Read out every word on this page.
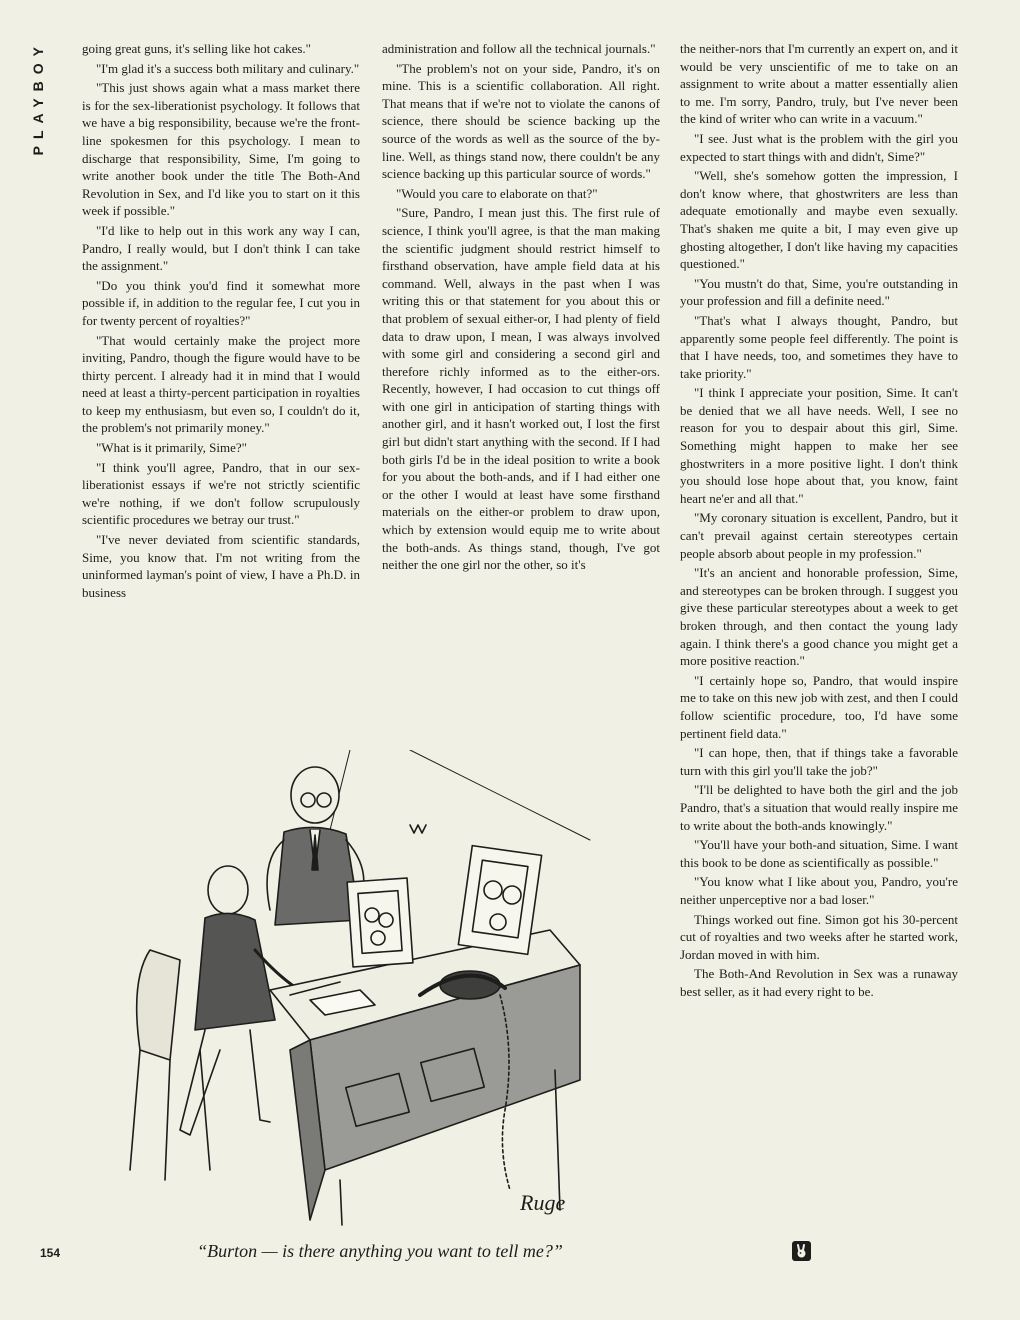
PLAYBOY	going great guns, it's selling like hot cakes."

"I'm glad it's a success both military and culinary."

"This just shows again what a mass market there is for the sex-liberationist psychology. It follows that we have a big responsibility, because we're the front-line spokesmen for this psychology. I mean to discharge that responsibility, Sime, I'm going to write another book under the title The Both-And Revolution in Sex, and I'd like you to start on it this week if possible."

"I'd like to help out in this work any way I can, Pandro, I really would, but I don't think I can take the assignment."

"Do you think you'd find it somewhat more possible if, in addition to the regular fee, I cut you in for twenty percent of royalties?"

"That would certainly make the project more inviting, Pandro, though the figure would have to be thirty percent. I already had it in mind that I would need at least a thirty-percent participation in royalties to keep my enthusiasm, but even so, I couldn't do it, the problem's not primarily money."

"What is it primarily, Sime?"

"I think you'll agree, Pandro, that in our sex-liberationist essays if we're not strictly scientific we're nothing, if we don't follow scrupulously scientific procedures we betray our trust."

"I've never deviated from scientific standards, Sime, you know that. I'm not writing from the uninformed layman's point of view, I have a Ph.D. in business

administration and follow all the technical journals."

"The problem's not on your side, Pandro, it's on mine. This is a scientific collaboration. All right. That means that if we're not to violate the canons of science, there should be science backing up the source of the words as well as the source of the by-line. Well, as things stand now, there couldn't be any science backing up this particular source of words."

"Would you care to elaborate on that?"

"Sure, Pandro, I mean just this. The first rule of science, I think you'll agree, is that the man making the scientific judgment should restrict himself to firsthand observation, have ample field data at his command. Well, always in the past when I was writing this or that statement for you about this or that problem of sexual either-or, I had plenty of field data to draw upon, I mean, I was always involved with some girl and considering a second girl and therefore richly informed as to the either-ors. Recently, however, I had occasion to cut things off with one girl in anticipation of starting things with another girl, and it hasn't worked out, I lost the first girl but didn't start anything with the second. If I had both girls I'd be in the ideal position to write a book for you about the both-ands, and if I had either one or the other I would at least have some firsthand materials on the either-or problem to draw upon, which by extension would equip me to write about the both-ands. As things stand, though, I've got neither the one girl nor the other, so it's

the neither-nors that I'm currently an expert on, and it would be very unscientific of me to take on an assignment to write about a matter essentially alien to me. I'm sorry, Pandro, truly, but I've never been the kind of writer who can write in a vacuum."

"I see. Just what is the problem with the girl you expected to start things with and didn't, Sime?"

"Well, she's somehow gotten the impression, I don't know where, that ghostwriters are less than adequate emotionally and maybe even sexually. That's shaken me quite a bit, I may even give up ghosting altogether, I don't like having my capacities questioned."

"You mustn't do that, Sime, you're outstanding in your profession and fill a definite need."

"That's what I always thought, Pandro, but apparently some people feel differently. The point is that I have needs, too, and sometimes they have to take priority."

"I think I appreciate your position, Sime. It can't be denied that we all have needs. Well, I see no reason for you to despair about this girl, Sime. Something might happen to make her see ghostwriters in a more positive light. I don't think you should lose hope about that, you know, faint heart ne'er and all that."

"My coronary situation is excellent, Pandro, but it can't prevail against certain stereotypes certain people absorb about people in my profession."

"It's an ancient and honorable profession, Sime, and stereotypes can be broken through. I suggest you give these particular stereotypes about a week to get broken through, and then contact the young lady again. I think there's a good chance you might get a more positive reaction."

"I certainly hope so, Pandro, that would inspire me to take on this new job with zest, and then I could follow scientific procedure, too, I'd have some pertinent field data."

"I can hope, then, that if things take a favorable turn with this girl you'll take the job?"

"I'll be delighted to have both the girl and the job Pandro, that's a situation that would really inspire me to write about the both-ands knowingly."

"You'll have your both-and situation, Sime. I want this book to be done as scientifically as possible."

"You know what I like about you, Pandro, you're neither unperceptive nor a bad loser."

Things worked out fine. Simon got his 30-percent cut of royalties and two weeks after he started work, Jordan moved in with him.

The Both-And Revolution in Sex was a runaway best seller, as it had every right to be.

Ruge
“Burton — is there anything you want to tell me?”
154
